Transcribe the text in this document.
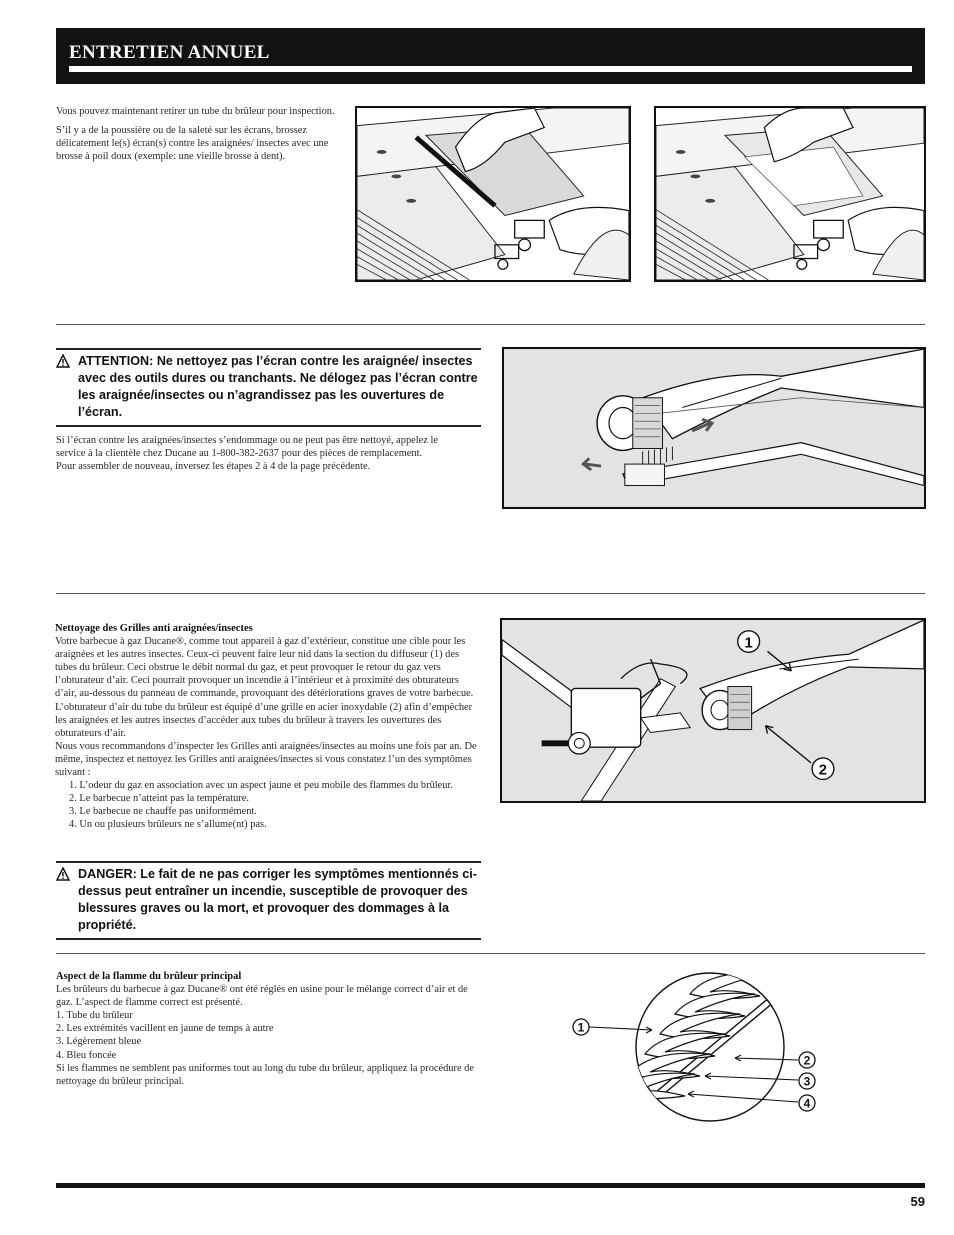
ENTRETIEN ANNUEL

Vous pouvez maintenant retirer un tube du brûleur pour inspection.

S’il y a de la poussière ou de la saleté sur les écrans, brossez délicatement le(s) écran(s) contre les araignées/ insectes avec une brosse à poil doux (exemple: une vieille brosse à dent).

ATTENTION: Ne nettoyez pas l’écran contre les araignée/ insectes avec des outils dures ou tranchants. Ne délogez pas l’écran contre les araignée/insectes ou n’agrandissez pas les ouvertures de l’écran.

Si l’écran contre les araignées/insectes s’endommage ou ne peut pas être nettoyé, appelez le service à la clientèle chez Ducane au 1-800-382-2637 pour des pièces de remplacement.

Pour assembler de nouveau, inversez les étapes 2 à 4 de la page précédente.

Nettoyage des Grilles anti araignées/insectes

Votre barbecue à gaz Ducane®, comme tout appareil à gaz d’extérieur, constitue une cible pour les araignées et les autres insectes. Ceux-ci peuvent faire leur nid dans la section du diffuseur (1) des tubes du brûleur. Ceci obstrue le débit normal du gaz, et peut provoquer le retour du gaz vers l’obturateur d’air. Ceci pourrait provoquer un incendie à l’intérieur et à proximité des obturateurs d’air, au-dessous du panneau de commande, provoquant des détériorations graves de votre barbecue.

L’obturateur d’air du tube du brûleur est équipé d’une grille en acier inoxydable (2) afin d’empêcher les araignées et les autres insectes d’accéder aux tubes du brûleur à travers les ouvertures des obturateurs d’air.

Nous vous recommandons d’inspecter les Grilles anti araignées/insectes au moins une fois par an. De même, inspectez et nettoyez les Grilles anti araignées/insectes si vous constatez l’un des symptômes suivant :

1. L’odeur du gaz en association avec un aspect jaune et peu mobile des flammes du brûleur.

2. Le barbecue n’atteint pas la température.

3. Le barbecue ne chauffe pas uniformément.

4. Un ou plusieurs brûleurs ne s’allume(nt) pas.

DANGER: Le fait de ne pas corriger les symptômes mentionnés ci-dessus peut entraîner un incendie, susceptible de provoquer des blessures graves ou la mort, et provoquer des dommages à la propriété.
1
2
Aspect de la flamme du brûleur principal

Les brûleurs du barbecue à gaz Ducane® ont été réglés en usine pour le mélange correct d’air et de gaz. L’aspect de flamme correct est présenté.

1. Tube du brûleur

2. Les extrémités vacillent en jaune de temps à autre

3. Légèrement bleue

4. Bleu foncée

Si les flammes ne semblent pas uniformes tout au long du tube du brûleur, appliquez la procédure de nettoyage du brûleur principal.

1
2
3
4
59
